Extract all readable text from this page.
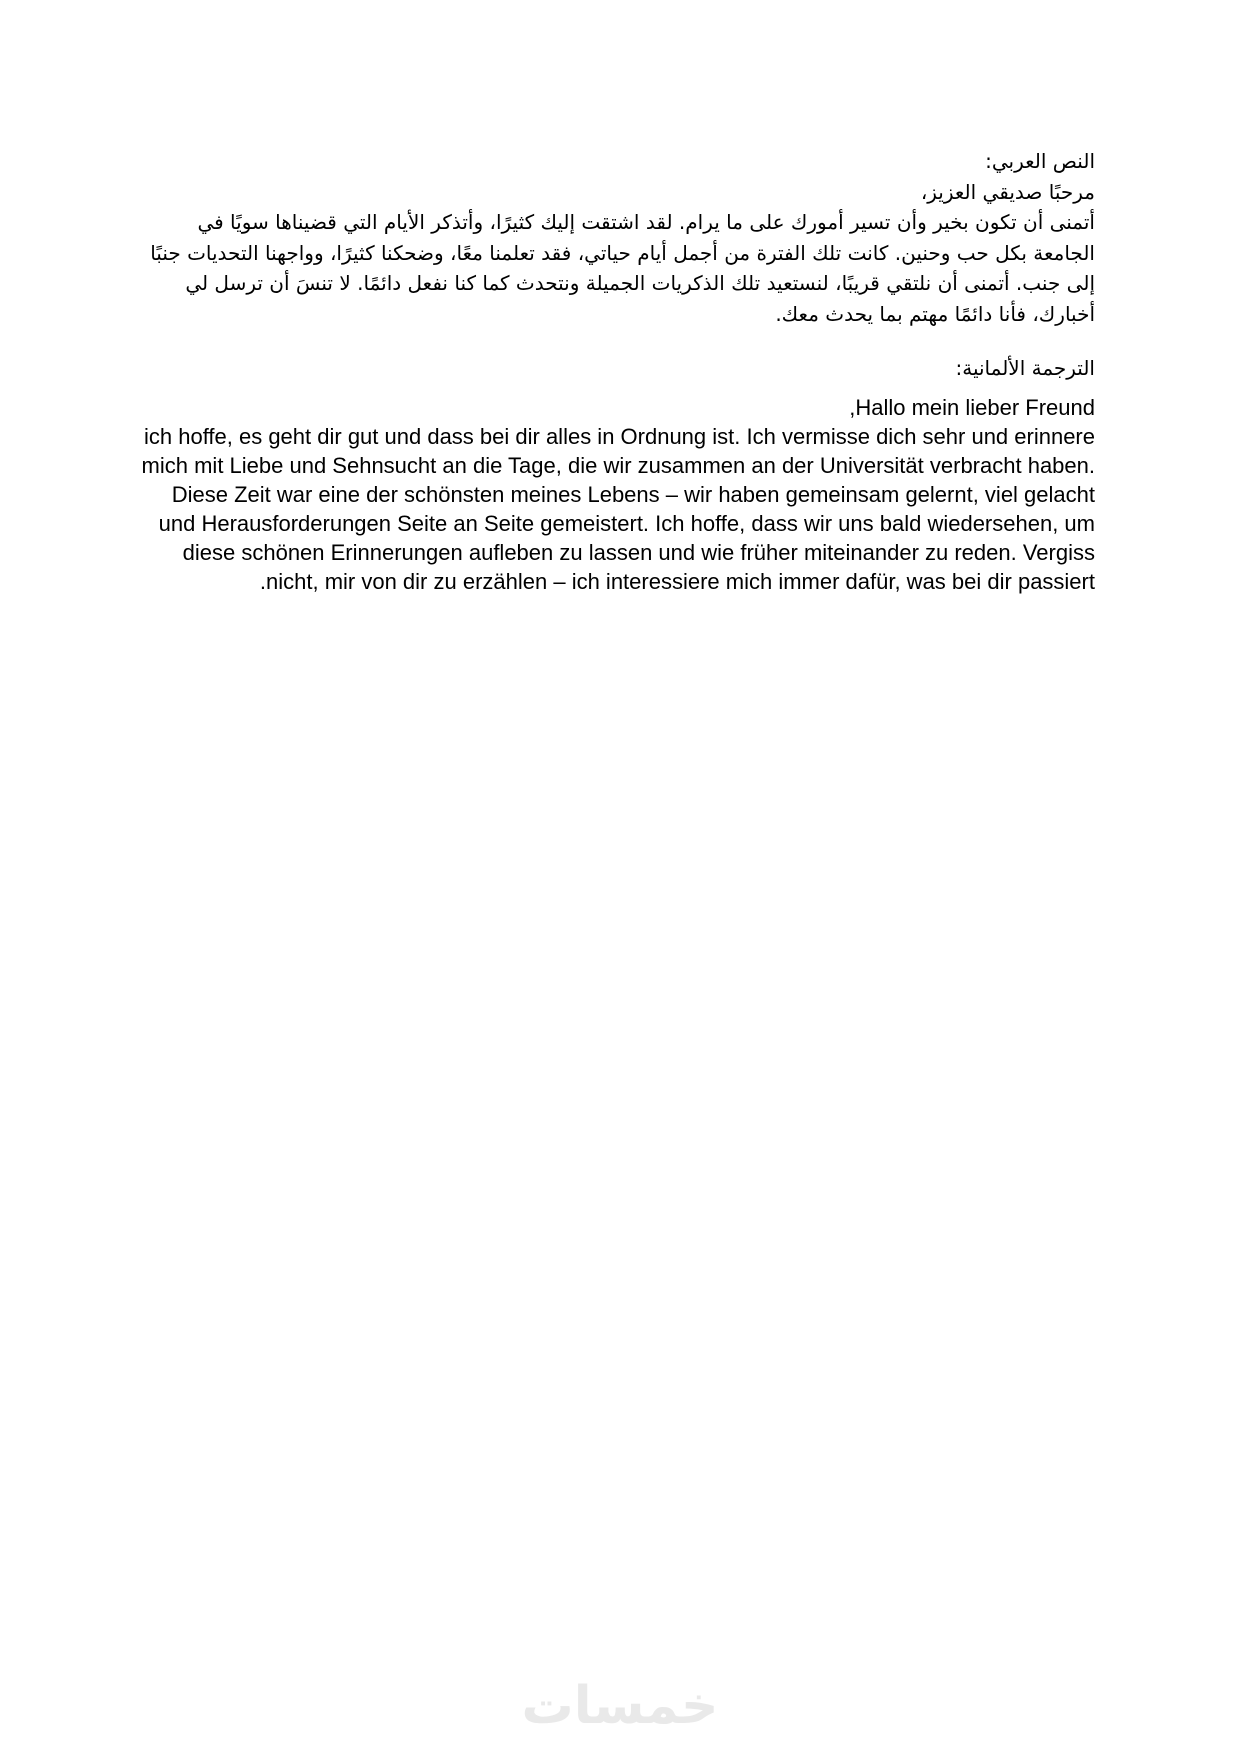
النص العربي:
مرحبًا صديقي العزيز،
أتمنى أن تكون بخير وأن تسير أمورك على ما يرام. لقد اشتقت إليك كثيرًا، وأتذكر الأيام التي قضيناها سويًا في الجامعة بكل حب وحنين. كانت تلك الفترة من أجمل أيام حياتي، فقد تعلمنا معًا، وضحكنا كثيرًا، وواجهنا التحديات جنبًا إلى جنب. أتمنى أن نلتقي قريبًا، لنستعيد تلك الذكريات الجميلة ونتحدث كما كنا نفعل دائمًا. لا تنسَ أن ترسل لي أخبارك، فأنا دائمًا مهتم بما يحدث معك.
الترجمة الألمانية:
Hallo mein lieber Freund,
ich hoffe, es geht dir gut und dass bei dir alles in Ordnung ist. Ich vermisse dich sehr und erinnere mich mit Liebe und Sehnsucht an die Tage, die wir zusammen an der Universität verbracht haben. Diese Zeit war eine der schönsten meines Lebens – wir haben gemeinsam gelernt, viel gelacht und Herausforderungen Seite an Seite gemeistert. Ich hoffe, dass wir uns bald wiedersehen, um diese schönen Erinnerungen aufleben zu lassen und wie früher miteinander zu reden. Vergiss nicht, mir von dir zu erzählen – ich interessiere mich immer dafür, was bei dir passiert.
خمسات
